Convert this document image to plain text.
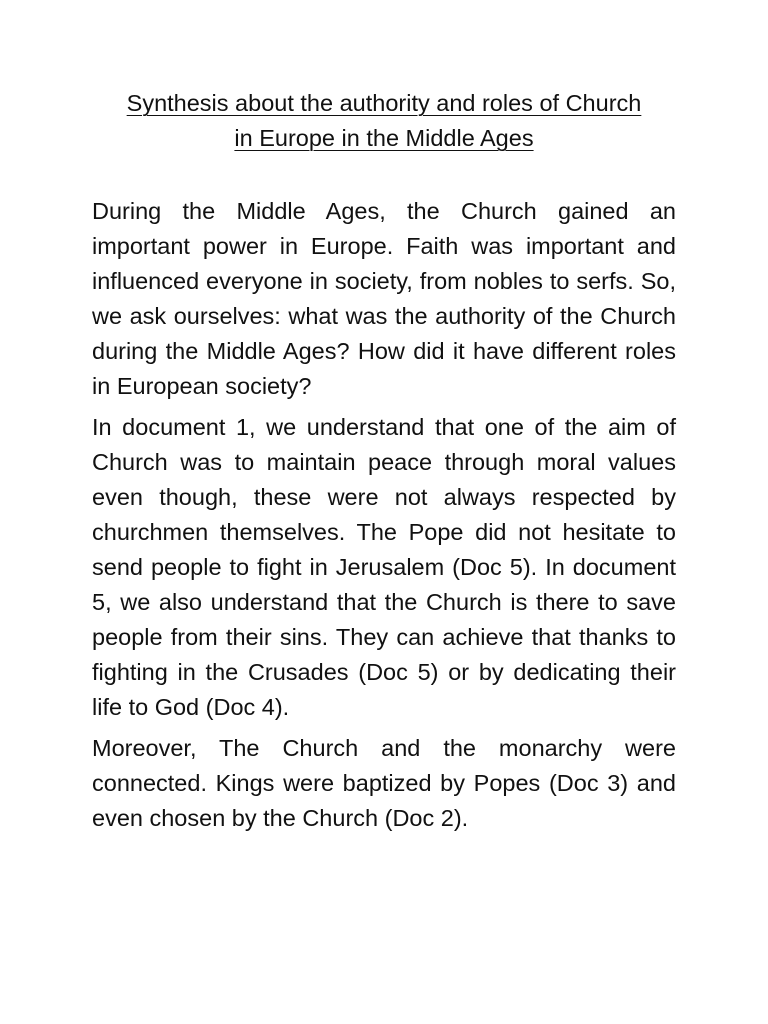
Synthesis about the authority and roles of Church
in Europe in the Middle Ages

During the Middle Ages, the Church gained an important power in Europe. Faith was important and influenced everyone in society, from nobles to serfs. So, we ask ourselves: what was the authority of the Church during the Middle Ages? How did it have different roles in European society?

In document 1, we understand that one of the aim of Church was to maintain peace through moral values even though, these were not always respected by churchmen themselves. The Pope did not hesitate to send people to fight in Jerusalem (Doc 5). In document 5, we also understand that the Church is there to save people from their sins. They can achieve that thanks to fighting in the Crusades (Doc 5) or by dedicating their life to God (Doc 4).

Moreover, The Church and the monarchy were connected. Kings were baptized by Popes (Doc 3) and even chosen by the Church (Doc 2).
